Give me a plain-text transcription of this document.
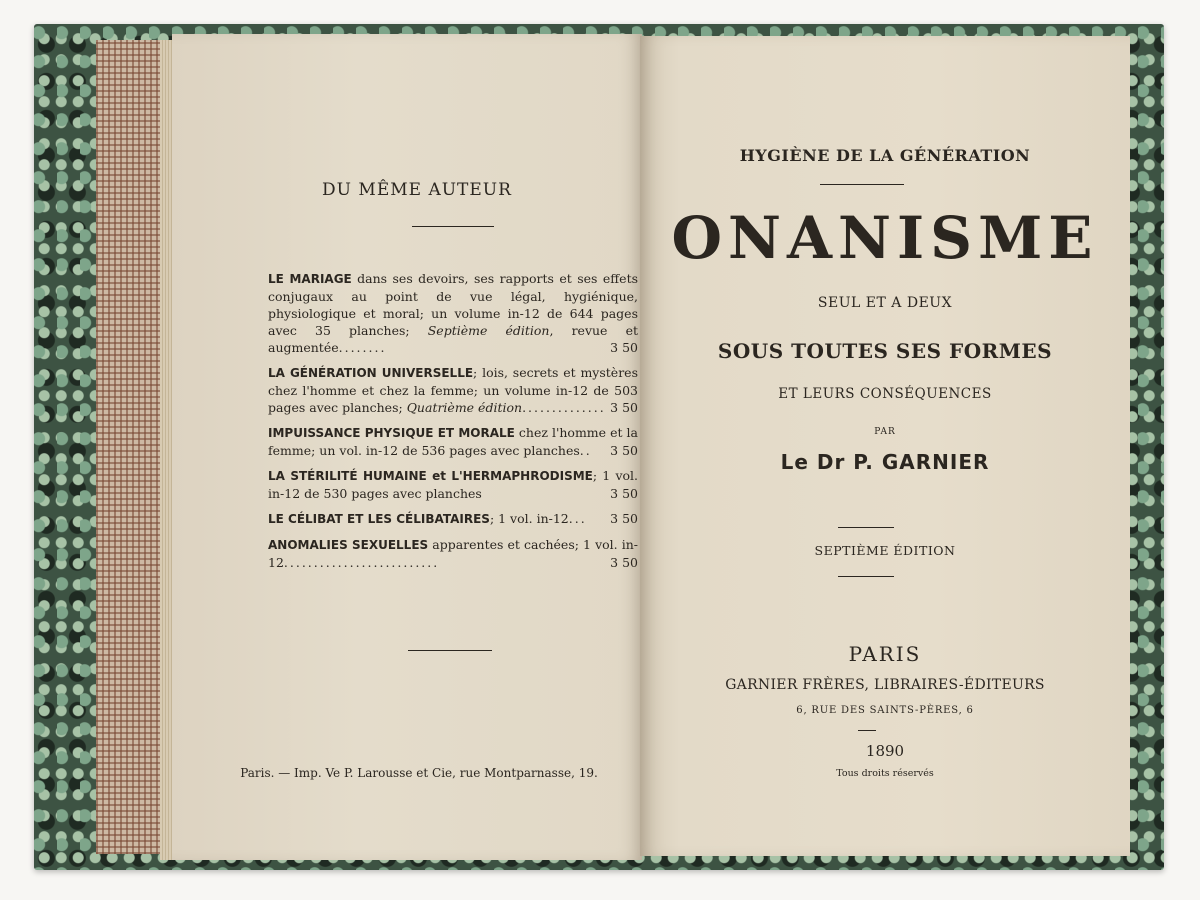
DU MÊME AUTEUR
LE MARIAGE dans ses devoirs, ses rapports et ses effets conjugaux au point de vue légal, hygiénique, physiologique et moral; un volume in-12 de 644 pages avec 35 planches; Septième édition, revue et augmentée........	3 50
LA GÉNÉRATION UNIVERSELLE; lois, secrets et mystères chez l'homme et chez la femme; un volume in-12 de 503 pages avec planches; Quatrième édition.............. 3 50
IMPUISSANCE PHYSIQUE ET MORALE chez l'homme et la femme; un vol. in-12 de 536 pages avec planches.. 3 50
LA STÉRILITÉ HUMAINE et L'HERMAPHRODISME; 1 vol. in-12 de 530 pages avec planches	3 50
LE CÉLIBAT ET LES CÉLIBATAIRES; 1 vol. in-12... 3 50
ANOMALIES SEXUELLES apparentes et cachées; 1 vol. in-12..........................	3 50
Paris. — Imp. Ve P. Larousse et Cie, rue Montparnasse, 19.
HYGIÈNE DE LA GÉNÉRATION
ONANISME
SEUL ET A DEUX
SOUS TOUTES SES FORMES
ET LEURS CONSÉQUENCES
PAR
Le Dr P. GARNIER
SEPTIÈME ÉDITION
PARIS
GARNIER FRÈRES, LIBRAIRES-ÉDITEURS
6, RUE DES SAINTS-PÈRES, 6
1890
Tous droits réservés
